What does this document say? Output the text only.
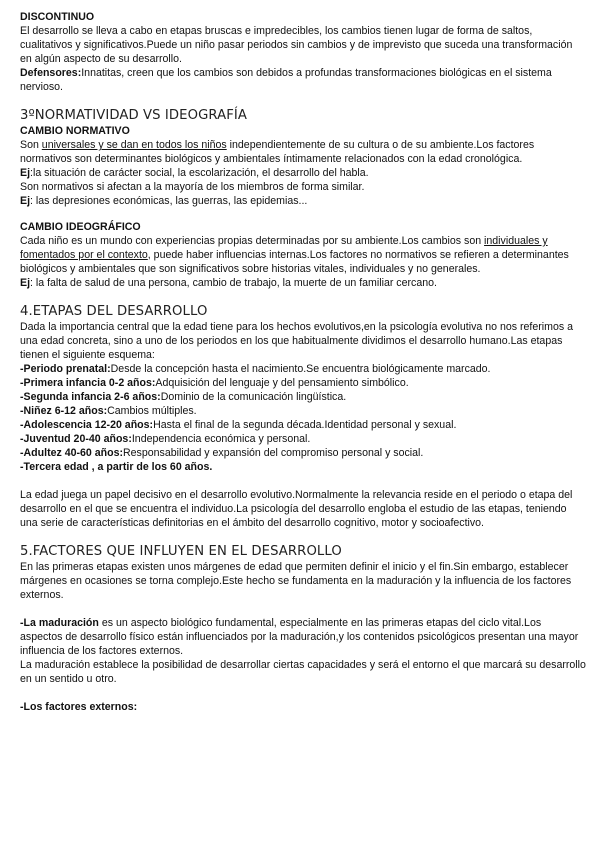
DISCONTINUO

El desarrollo se lleva a cabo en etapas bruscas e impredecibles, los cambios tienen lugar de forma de saltos, cualitativos y significativos.Puede un niño pasar periodos sin cambios y de imprevisto que suceda una transformación en algún aspecto de su desarrollo.

Defensores:Innatitas, creen que los cambios son debidos a profundas transformaciones biológicas en el sistema nervioso.

3ºNORMATIVIDAD VS IDEOGRAFÍA

CAMBIO NORMATIVO

Son universales y se dan en todos los niños independientemente de su cultura o de su ambiente.Los factores normativos son determinantes biológicos y ambientales íntimamente relacionados con la edad cronológica.

Ej:la situación de carácter social, la escolarización, el desarrollo del habla.

Son normativos si afectan a la mayoría de los miembros de forma similar.

Ej: las depresiones económicas, las guerras, las epidemias...

CAMBIO IDEOGRÁFICO

Cada niño es un mundo con experiencias propias determinadas por su ambiente.Los cambios son individuales y fomentados por el contexto, puede haber influencias internas.Los factores no normativos se refieren a determinantes biológicos y ambientales que son significativos sobre historias vitales, individuales y no generales.

Ej: la falta de salud de una persona, cambio de trabajo, la muerte de un familiar cercano.

4.ETAPAS DEL DESARROLLO

Dada la importancia central que la edad tiene para los hechos evolutivos,en la psicología evolutiva no nos referimos a una edad concreta, sino a uno de los periodos en los que habitualmente dividimos el desarrollo humano.Las etapas tienen el siguiente esquema:

-Periodo prenatal:Desde la concepción hasta el nacimiento.Se encuentra biológicamente marcado.

-Primera infancia 0-2 años:Adquisición del lenguaje y del pensamiento simbólico.

-Segunda infancia 2-6 años:Dominio de la comunicación lingüística.

-Niñez 6-12 años:Cambios múltiples.

-Adolescencia 12-20 años:Hasta el final de la segunda década.Identidad personal y sexual.

-Juventud 20-40 años:Independencia económica y personal.

-Adultez 40-60 años:Responsabilidad y expansión del compromiso personal y social.

-Tercera edad , a partir de los 60 años.

La edad juega un papel decisivo en el desarrollo evolutivo.Normalmente la relevancia reside en el periodo o etapa del desarrollo en el que se encuentra el individuo.La psicología del desarrollo engloba el estudio de las etapas, teniendo una serie de características definitorias en el ámbito del desarrollo cognitivo, motor y socioafectivo.

5.FACTORES QUE INFLUYEN EN EL DESARROLLO

En las primeras etapas existen unos márgenes de edad que permiten definir el inicio y el fin.Sin embargo, establecer márgenes en ocasiones se torna complejo.Este hecho se fundamenta en la maduración y la influencia de los factores externos.

-La maduración es un aspecto biológico fundamental, especialmente en las primeras etapas del ciclo vital.Los aspectos de desarrollo físico están influenciados por la maduración,y los contenidos psicológicos presentan una mayor influencia de los factores externos.

La maduración establece la posibilidad de desarrollar ciertas capacidades y será el entorno el que marcará su desarrollo en un sentido u otro.

-Los factores externos:
